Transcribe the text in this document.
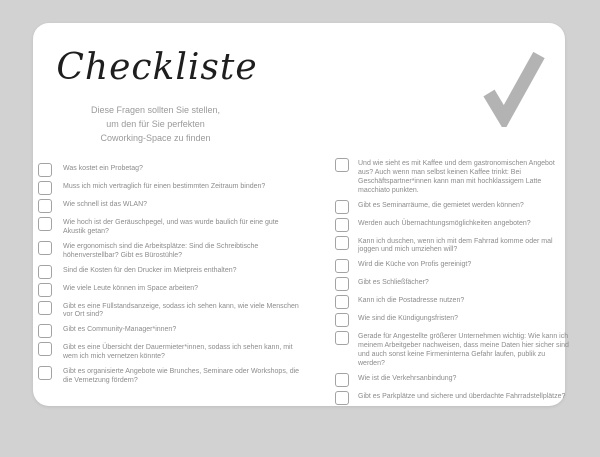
Checkliste
Diese Fragen sollten Sie stellen,
um den für Sie perfekten
Coworking-Space zu finden
Was kostet ein Probetag?
Muss ich mich vertraglich für einen bestimmten Zeitraum binden?
Wie schnell ist das WLAN?
Wie hoch ist der Geräuschpegel, und was wurde baulich für eine gute Akustik getan?
Wie ergonomisch sind die Arbeitsplätze: Sind die Schreibtische höhenverstellbar? Gibt es Bürostühle?
Sind die Kosten für den Drucker im Mietpreis enthalten?
Wie viele Leute können im Space arbeiten?
Gibt es eine Füllstandsanzeige, sodass ich sehen kann, wie viele Menschen vor Ort sind?
Gibt es Community-Manager*innen?
Gibt es eine Übersicht der Dauermieter*innen, sodass ich sehen kann, mit wem ich mich vernetzen könnte?
Gibt es organisierte Angebote wie Brunches, Seminare oder Workshops, die die Vernetzung fördern?
Und wie sieht es mit Kaffee und dem gastronomischen Angebot aus? Auch wenn man selbst keinen Kaffee trinkt: Bei Geschäftspartner*innen kann man mit hochklassigem Latte macchiato punkten.
Gibt es Seminarräume, die gemietet werden können?
Werden auch Übernachtungsmöglichkeiten angeboten?
Kann ich duschen, wenn ich mit dem Fahrrad komme oder mal joggen und mich umziehen will?
Wird die Küche von Profis gereinigt?
Gibt es Schließfächer?
Kann ich die Postadresse nutzen?
Wie sind die Kündigungsfristen?
Gerade für Angestellte größerer Unternehmen wichtig: Wie kann ich meinem Arbeitgeber nachweisen, dass meine Daten hier sicher sind und auch sonst keine Firmeninterna Gefahr laufen, publik zu werden?
Wie ist die Verkehrsanbindung?
Gibt es Parkplätze und sichere und überdachte Fahrradstellplätze?
